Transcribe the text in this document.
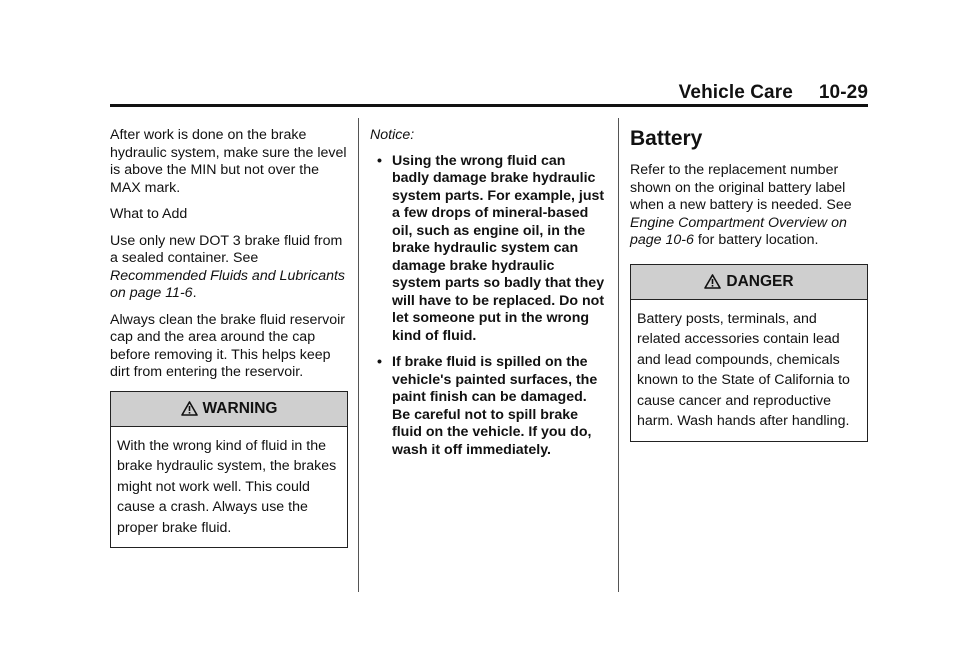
Vehicle Care 10-29

After work is done on the brake hydraulic system, make sure the level is above the MIN but not over the MAX mark.

What to Add

Use only new DOT 3 brake fluid from a sealed container. See Recommended Fluids and Lubricants on page 11-6.

Always clean the brake fluid reservoir cap and the area around the cap before removing it. This helps keep dirt from entering the reservoir.

WARNING
With the wrong kind of fluid in the brake hydraulic system, the brakes might not work well. This could cause a crash. Always use the proper brake fluid.

Notice:

• Using the wrong fluid can badly damage brake hydraulic system parts. For example, just a few drops of mineral-based oil, such as engine oil, in the brake hydraulic system can damage brake hydraulic system parts so badly that they will have to be replaced. Do not let someone put in the wrong kind of fluid.
• If brake fluid is spilled on the vehicle's painted surfaces, the paint finish can be damaged. Be careful not to spill brake fluid on the vehicle. If you do, wash it off immediately.
Battery

Refer to the replacement number shown on the original battery label when a new battery is needed. See Engine Compartment Overview on page 10-6 for battery location.

DANGER
Battery posts, terminals, and related accessories contain lead and lead compounds, chemicals known to the State of California to cause cancer and reproductive harm. Wash hands after handling.
